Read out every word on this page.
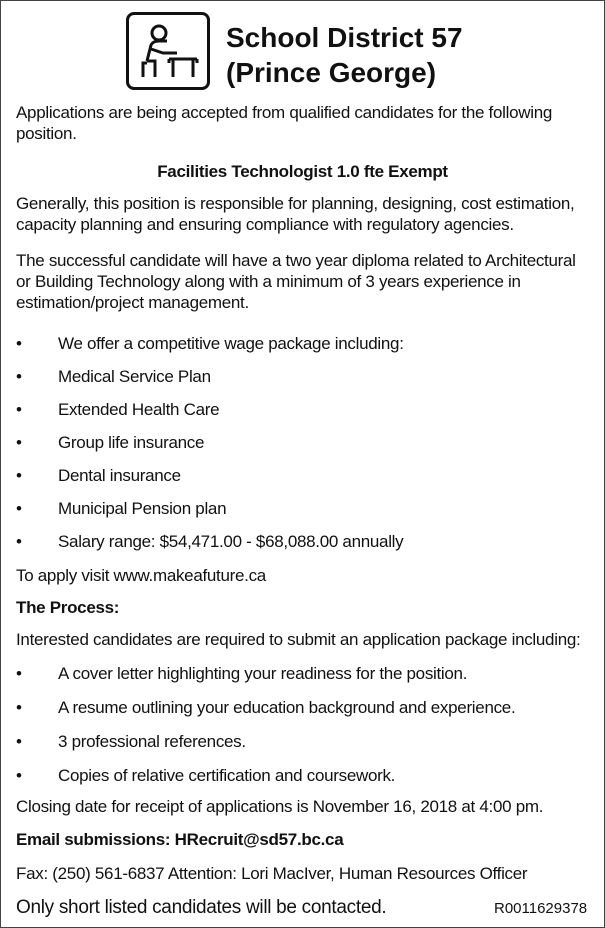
School District 57
(Prince George)
Applications are being accepted from qualified candidates for the following position.
Facilities Technologist 1.0 fte Exempt
Generally, this position is responsible for planning, designing, cost estimation, capacity planning and ensuring compliance with regulatory agencies.
The successful candidate will have a two year diploma related to Architectural or Building Technology along with a minimum of 3 years experience in estimation/project management.
•	We offer a competitive wage package including:
•	Medical Service Plan
•	Extended Health Care
•	Group life insurance
•	Dental insurance
•	Municipal Pension plan
•	Salary range: $54,471.00 - $68,088.00 annually
To apply visit www.makeafuture.ca
The Process:
Interested candidates are required to submit an application package including:
•	A cover letter highlighting your readiness for the position.
•	A resume outlining your education background and experience.
•	3 professional references.
•	Copies of relative certification and coursework.
Closing date for receipt of applications is November 16, 2018 at 4:00 pm.
Email submissions: HRecruit@sd57.bc.ca
Fax: (250) 561-6837 Attention: Lori MacIver, Human Resources Officer
Only short listed candidates will be contacted.	R0011629378
